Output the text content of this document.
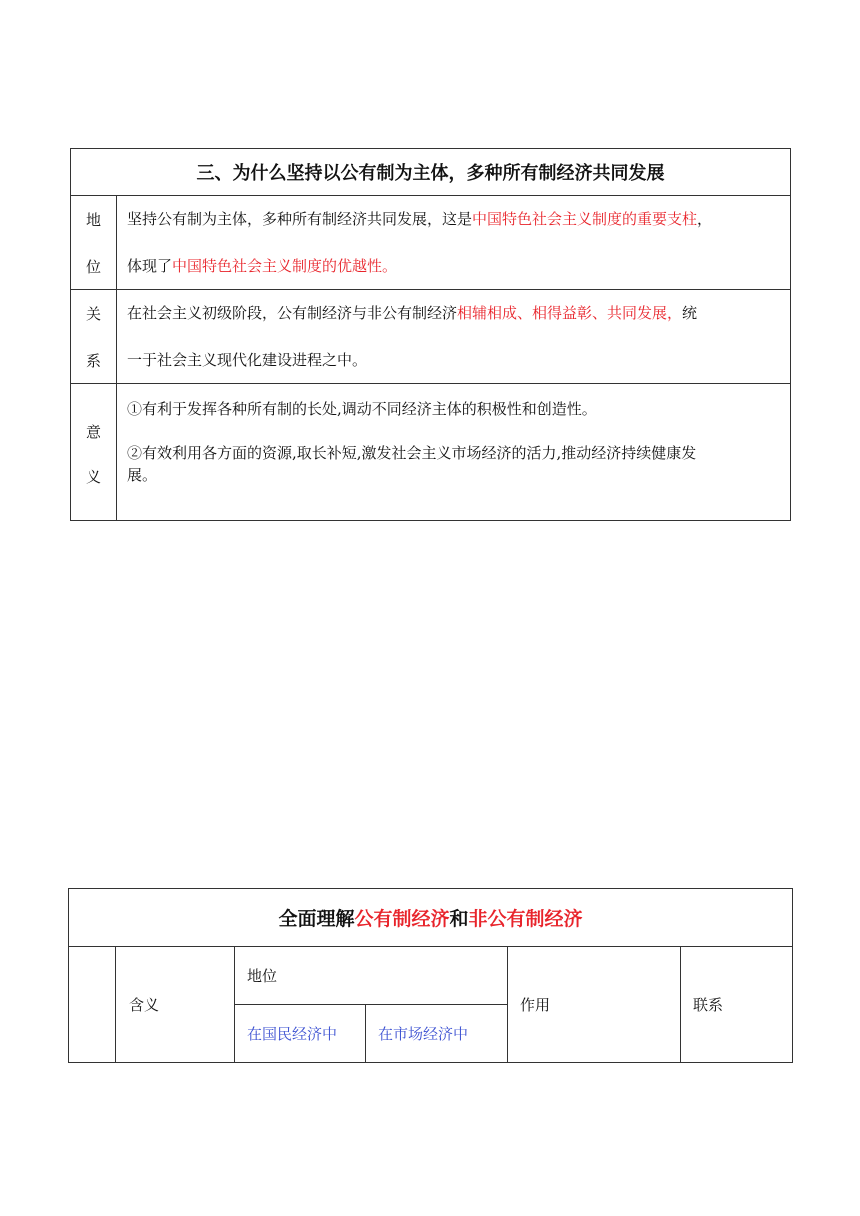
三、为什么坚持以公有制为主体，多种所有制经济共同发展
地
位
坚持公有制为主体，多种所有制经济共同发展，这是中国特色社会主义制度的重要支柱，
体现了中国特色社会主义制度的优越性。
关
系
在社会主义初级阶段，公有制经济与非公有制经济相辅相成、相得益彰、共同发展，统
一于社会主义现代化建设进程之中。
意
义
①有利于发挥各种所有制的长处,调动不同经济主体的积极性和创造性。
②有效利用各方面的资源,取长补短,激发社会主义市场经济的活力,推动经济持续健康发
展。
全面理解 公有制经济 和 非公有制经济
含义
地位
在国民经济中	在市场经济中
作用	联系
